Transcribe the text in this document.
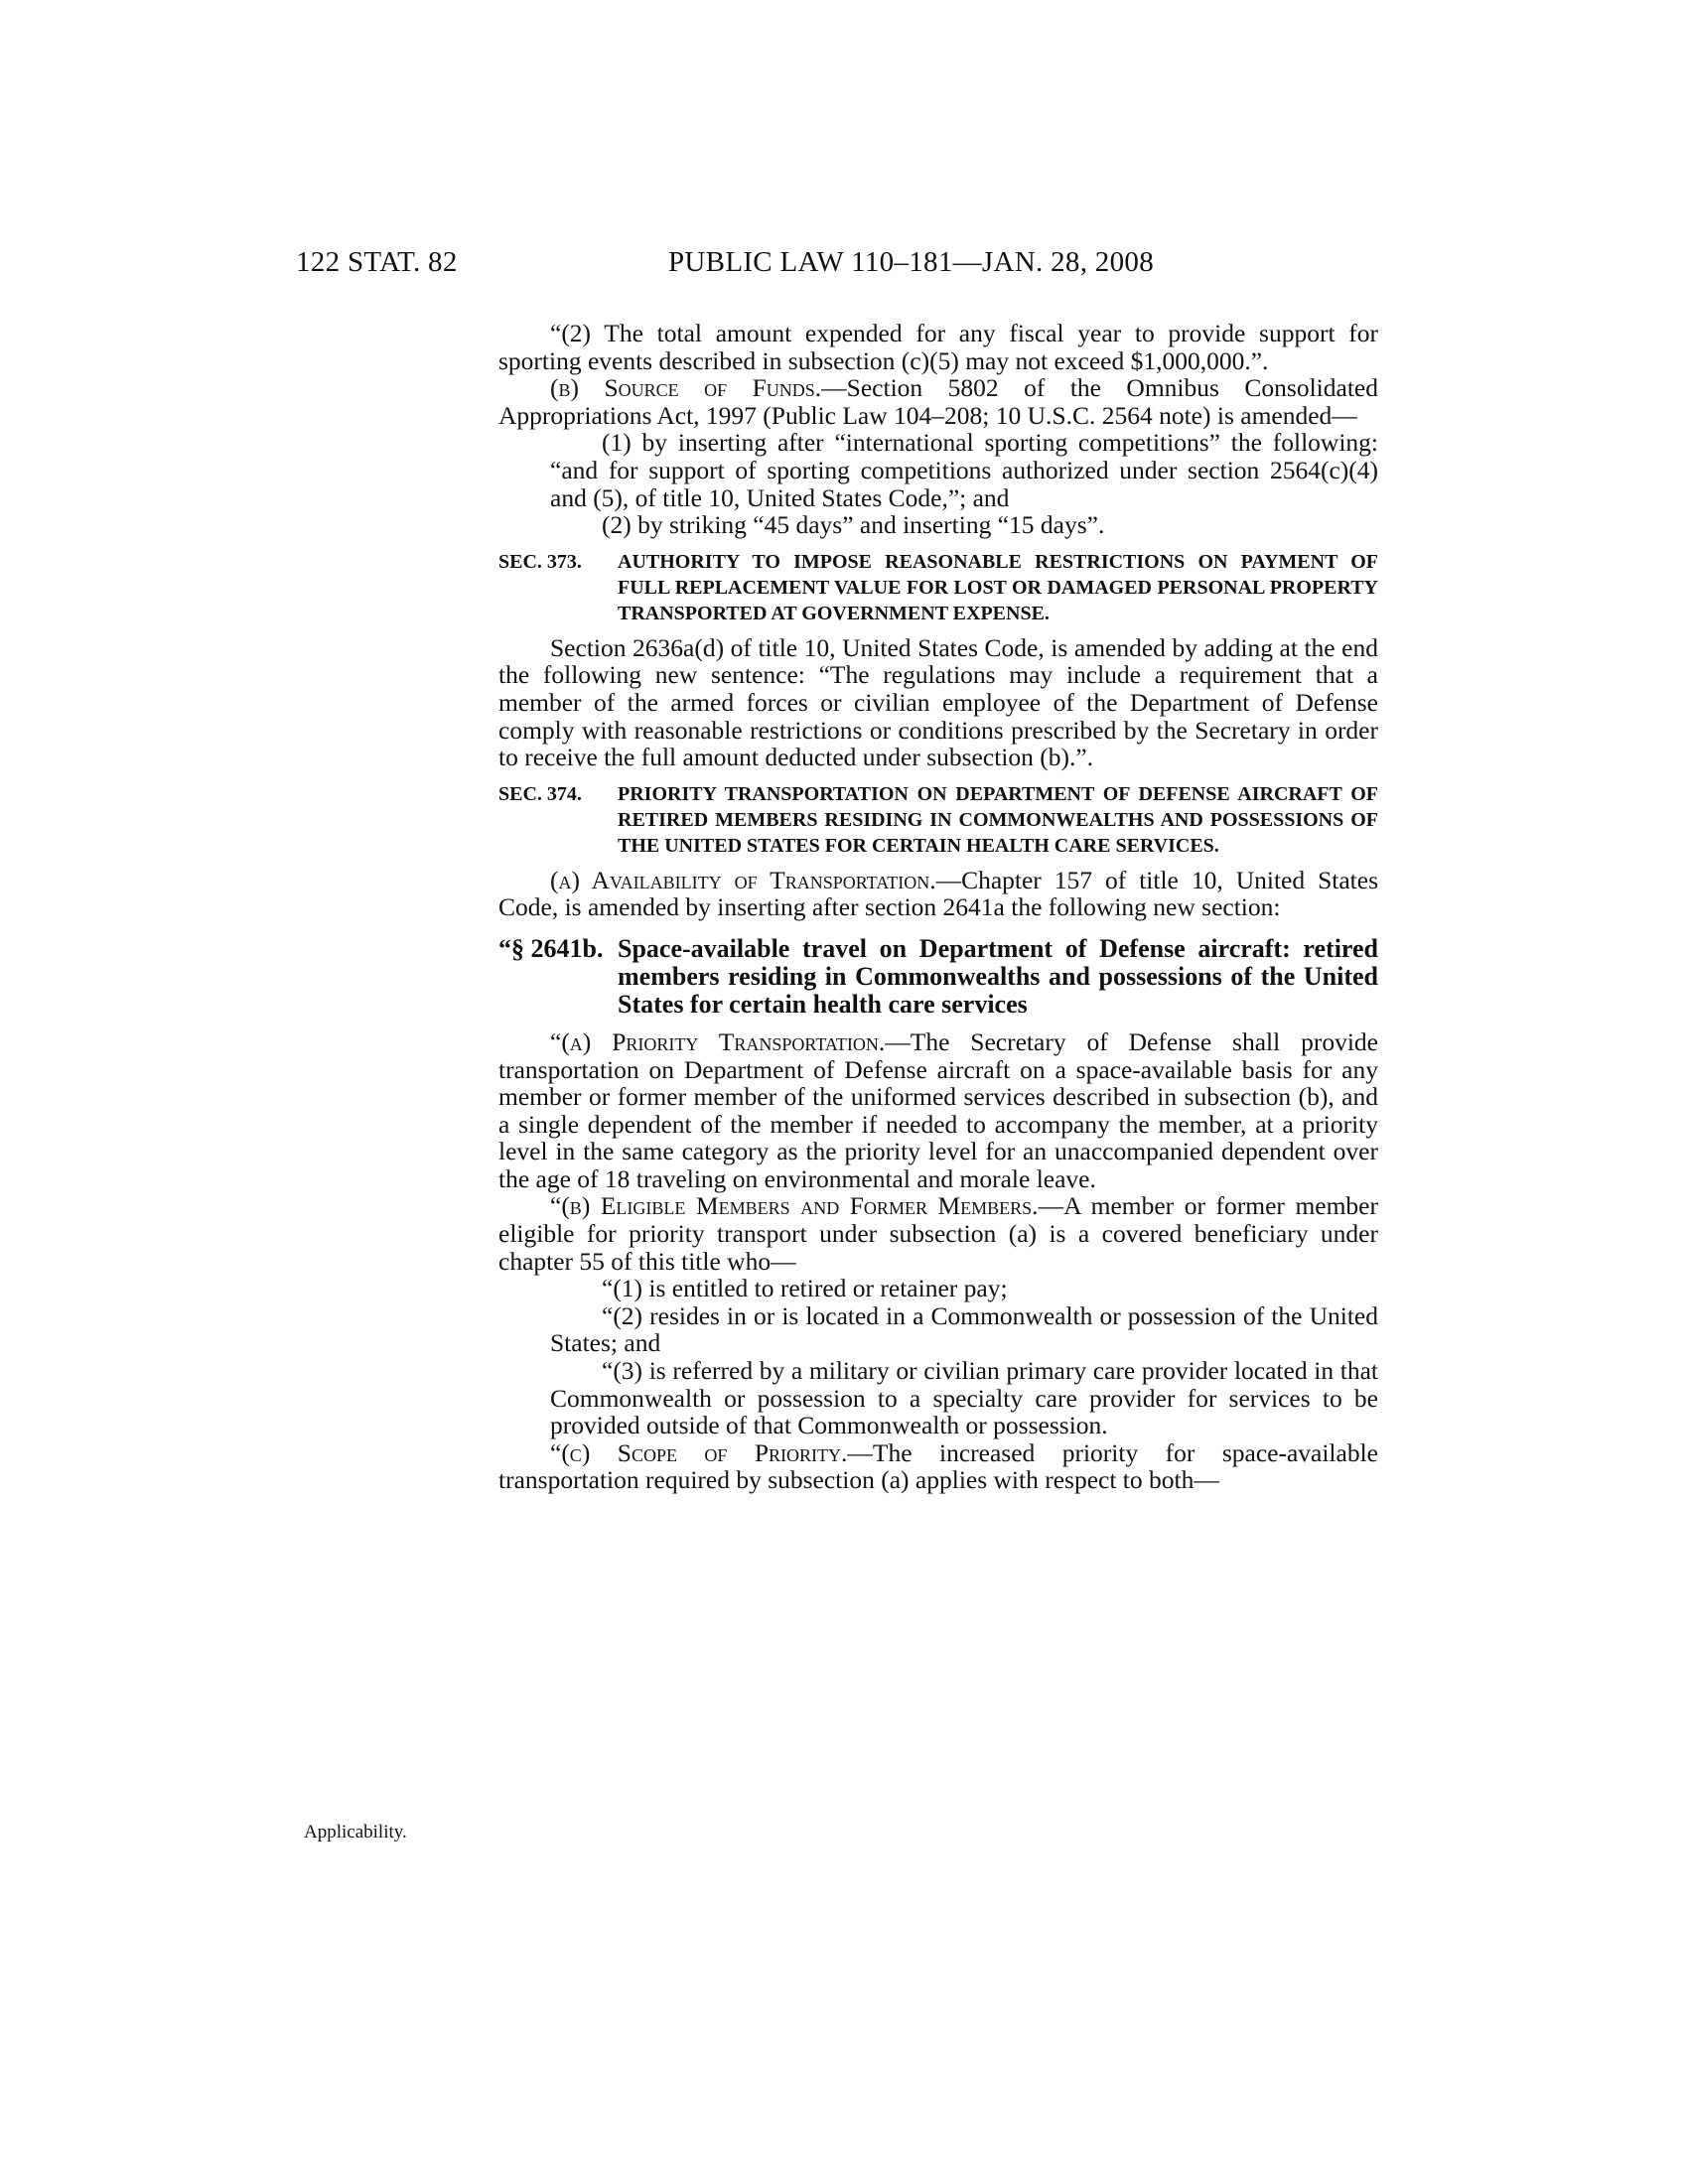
122 STAT. 82	PUBLIC LAW 110–181—JAN. 28, 2008
Applicability.

“(2) The total amount expended for any fiscal year to provide support for sporting events described in subsection (c)(5) may not exceed $1,000,000.”.

(b) Source of Funds.—Section 5802 of the Omnibus Consolidated Appropriations Act, 1997 (Public Law 104–208; 10 U.S.C. 2564 note) is amended—

(1) by inserting after “international sporting competitions” the following: “and for support of sporting competitions authorized under section 2564(c)(4) and (5), of title 10, United States Code,”; and

(2) by striking “45 days” and inserting “15 days”.

SEC. 373. AUTHORITY TO IMPOSE REASONABLE RESTRICTIONS ON PAYMENT OF FULL REPLACEMENT VALUE FOR LOST OR DAMAGED PERSONAL PROPERTY TRANSPORTED AT GOVERNMENT EXPENSE.

Section 2636a(d) of title 10, United States Code, is amended by adding at the end the following new sentence: “The regulations may include a requirement that a member of the armed forces or civilian employee of the Department of Defense comply with reasonable restrictions or conditions prescribed by the Secretary in order to receive the full amount deducted under subsection (b).”.

SEC. 374. PRIORITY TRANSPORTATION ON DEPARTMENT OF DEFENSE AIRCRAFT OF RETIRED MEMBERS RESIDING IN COMMONWEALTHS AND POSSESSIONS OF THE UNITED STATES FOR CERTAIN HEALTH CARE SERVICES.

(a) Availability of Transportation.—Chapter 157 of title 10, United States Code, is amended by inserting after section 2641a the following new section:

“§ 2641b. Space-available travel on Department of Defense aircraft: retired members residing in Commonwealths and possessions of the United States for certain health care services

“(a) Priority Transportation.—The Secretary of Defense shall provide transportation on Department of Defense aircraft on a space-available basis for any member or former member of the uniformed services described in subsection (b), and a single dependent of the member if needed to accompany the member, at a priority level in the same category as the priority level for an unaccompanied dependent over the age of 18 traveling on environmental and morale leave.

“(b) Eligible Members and Former Members.—A member or former member eligible for priority transport under subsection (a) is a covered beneficiary under chapter 55 of this title who—

“(1) is entitled to retired or retainer pay;

“(2) resides in or is located in a Commonwealth or possession of the United States; and

“(3) is referred by a military or civilian primary care provider located in that Commonwealth or possession to a specialty care provider for services to be provided outside of that Commonwealth or possession.

“(c) Scope of Priority.—The increased priority for space-available transportation required by subsection (a) applies with respect to both—
